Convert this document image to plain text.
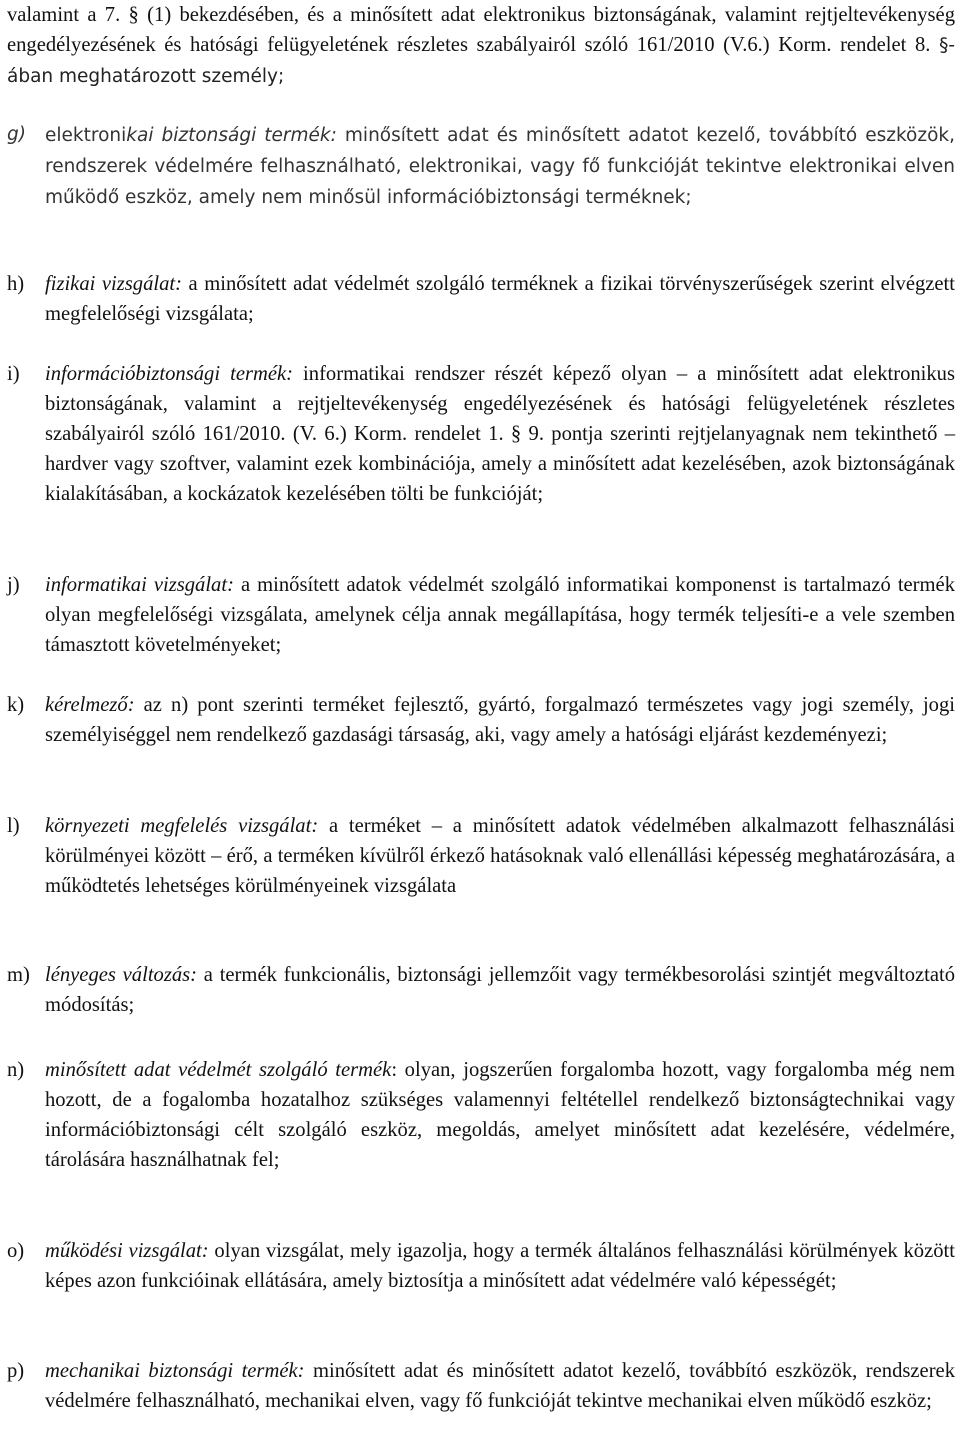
valamint a 7. § (1) bekezdésében, és a minősített adat elektronikus biztonságának, valamint rejtjeltevékenység engedélyezésének és hatósági felügyeletének részletes szabályairól szóló 161/2010 (V.6.) Korm. rendelet 8. §-ában meghatározott személy;

g)	elektronikai biztonsági termék: minősített adat és minősített adatot kezelő, továbbító eszközök, rendszerek védelmére felhasználható, elektronikai, vagy fő funkcióját tekintve elektronikai elven működő eszköz, amely nem minősül információbiztonsági terméknek;

h)	fizikai vizsgálat: a minősített adat védelmét szolgáló terméknek a fizikai törvényszerűségek szerint elvégzett megfelelőségi vizsgálata;

i)	információbiztonsági termék: informatikai rendszer részét képező olyan – a minősített adat elektronikus biztonságának, valamint a rejtjeltevékenység engedélyezésének és hatósági felügyeletének részletes szabályairól szóló 161/2010. (V. 6.) Korm. rendelet 1. § 9. pontja szerinti rejtjelanyagnak nem tekinthető – hardver vagy szoftver, valamint ezek kombinációja, amely a minősített adat kezelésében, azok biztonságának kialakításában, a kockázatok kezelésében tölti be funkcióját;

j)	informatikai vizsgálat: a minősített adatok védelmét szolgáló informatikai komponenst is tartalmazó termék olyan megfelelőségi vizsgálata, amelynek célja annak megállapítása, hogy termék teljesíti-e a vele szemben támasztott követelményeket;

k)	kérelmező: az n) pont szerinti terméket fejlesztő, gyártó, forgalmazó természetes vagy jogi személy, jogi személyiséggel nem rendelkező gazdasági társaság, aki, vagy amely a hatósági eljárást kezdeményezi;

l)	környezeti megfelelés vizsgálat: a terméket – a minősített adatok védelmében alkalmazott felhasználási körülményei között – érő, a terméken kívülről érkező hatásoknak való ellenállási képesség meghatározására, a működtetés lehetséges körülményeinek vizsgálata

m) lényeges változás: a termék funkcionális, biztonsági jellemzőit vagy termékbesorolási szintjét megváltoztató módosítás;

n)	minősített adat védelmét szolgáló termék: olyan, jogszerűen forgalomba hozott, vagy forgalomba még nem hozott, de a fogalomba hozatalhoz szükséges valamennyi feltétellel rendelkező biztonságtechnikai vagy információbiztonsági célt szolgáló eszköz, megoldás, amelyet minősített adat kezelésére, védelmére, tárolására használhatnak fel;

o)	működési vizsgálat: olyan vizsgálat, mely igazolja, hogy a termék általános felhasználási körülmények között képes azon funkcióinak ellátására, amely biztosítja a minősített adat védelmére való képességét;

p)	mechanikai biztonsági termék: minősített adat és minősített adatot kezelő, továbbító eszközök, rendszerek védelmére felhasználható, mechanikai elven, vagy fő funkcióját tekintve mechanikai elven működő eszköz;
